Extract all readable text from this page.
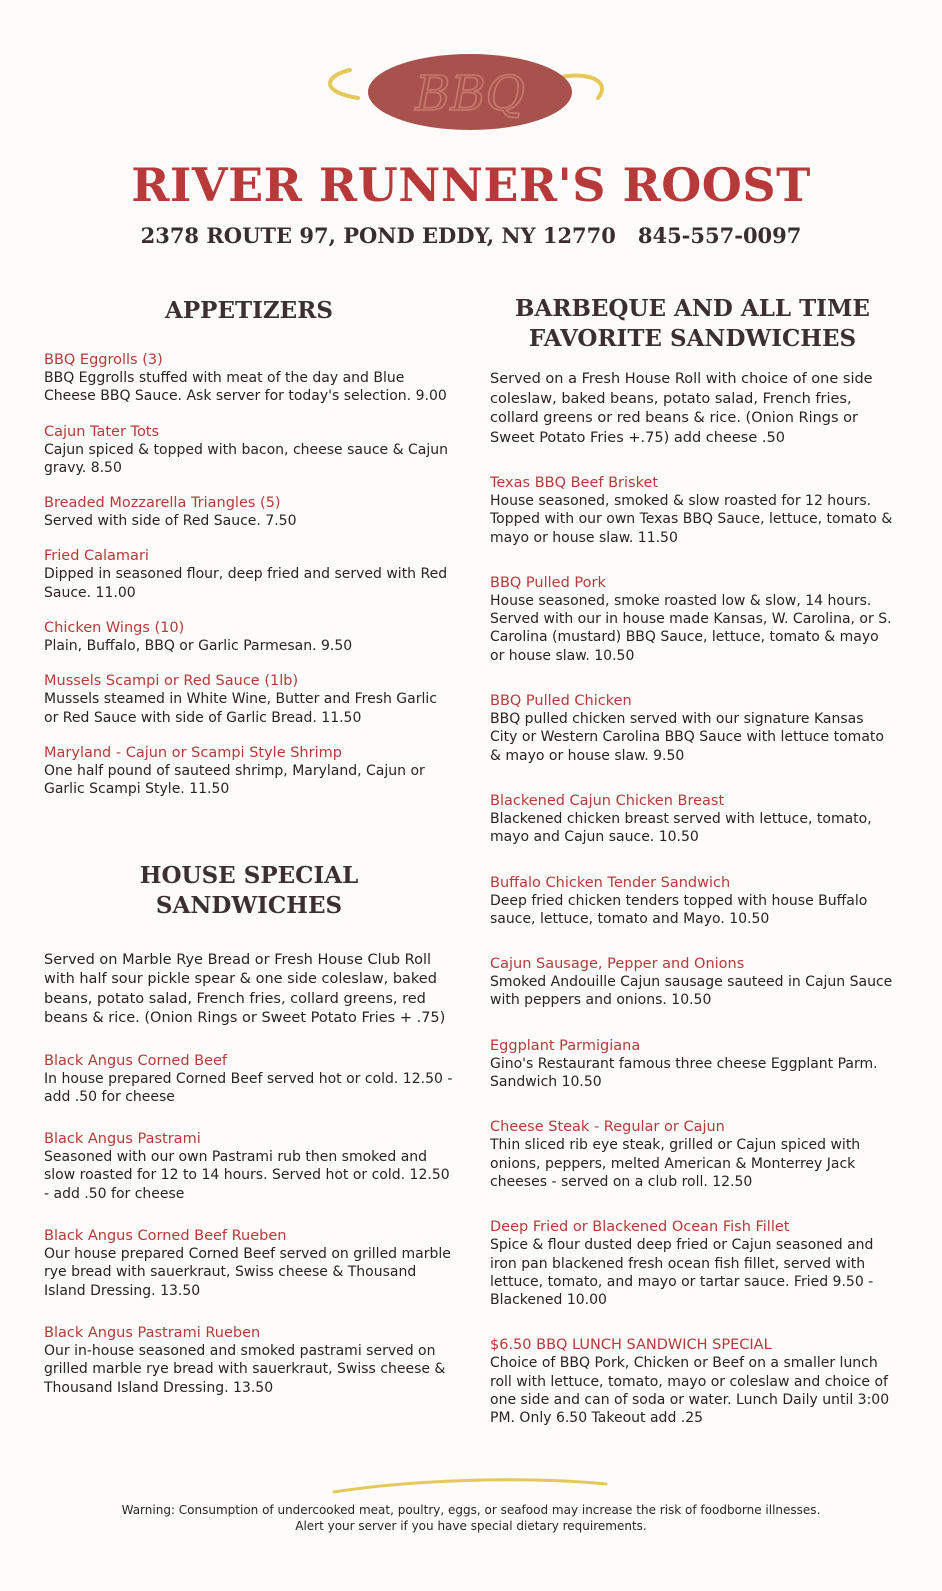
BBQ
RIVER RUNNER'S ROOST
2378 ROUTE 97, POND EDDY, NY 12770 845-557-0097
APPETIZERS
BBQ Eggrolls (3)
BBQ Eggrolls stuffed with meat of the day and Blue Cheese BBQ Sauce. Ask server for today's selection. 9.00
Cajun Tater Tots
Cajun spiced & topped with bacon, cheese sauce & Cajun gravy. 8.50
Breaded Mozzarella Triangles (5)
Served with side of Red Sauce. 7.50
Fried Calamari
Dipped in seasoned flour, deep fried and served with Red Sauce. 11.00
Chicken Wings (10)
Plain, Buffalo, BBQ or Garlic Parmesan. 9.50
Mussels Scampi or Red Sauce (1lb)
Mussels steamed in White Wine, Butter and Fresh Garlic or Red Sauce with side of Garlic Bread. 11.50
Maryland - Cajun or Scampi Style Shrimp
One half pound of sauteed shrimp, Maryland, Cajun or Garlic Scampi Style. 11.50
HOUSE SPECIAL
SANDWICHES
Served on Marble Rye Bread or Fresh House Club Roll with half sour pickle spear & one side coleslaw, baked beans, potato salad, French fries, collard greens, red beans & rice. (Onion Rings or Sweet Potato Fries + .75)
Black Angus Corned Beef
In house prepared Corned Beef served hot or cold. 12.50 - add .50 for cheese
Black Angus Pastrami
Seasoned with our own Pastrami rub then smoked and slow roasted for 12 to 14 hours. Served hot or cold. 12.50 - add .50 for cheese
Black Angus Corned Beef Rueben
Our house prepared Corned Beef served on grilled marble rye bread with sauerkraut, Swiss cheese & Thousand Island Dressing. 13.50
Black Angus Pastrami Rueben
Our in-house seasoned and smoked pastrami served on grilled marble rye bread with sauerkraut, Swiss cheese & Thousand Island Dressing. 13.50
BARBEQUE AND ALL TIME
FAVORITE SANDWICHES
Served on a Fresh House Roll with choice of one side coleslaw, baked beans, potato salad, French fries, collard greens or red beans & rice. (Onion Rings or Sweet Potato Fries +.75) add cheese .50
Texas BBQ Beef Brisket
House seasoned, smoked & slow roasted for 12 hours. Topped with our own Texas BBQ Sauce, lettuce, tomato & mayo or house slaw. 11.50
BBQ Pulled Pork
House seasoned, smoke roasted low & slow, 14 hours. Served with our in house made Kansas, W. Carolina, or S. Carolina (mustard) BBQ Sauce, lettuce, tomato & mayo or house slaw. 10.50
BBQ Pulled Chicken
BBQ pulled chicken served with our signature Kansas City or Western Carolina BBQ Sauce with lettuce tomato & mayo or house slaw. 9.50
Blackened Cajun Chicken Breast
Blackened chicken breast served with lettuce, tomato, mayo and Cajun sauce. 10.50
Buffalo Chicken Tender Sandwich
Deep fried chicken tenders topped with house Buffalo sauce, lettuce, tomato and Mayo. 10.50
Cajun Sausage, Pepper and Onions
Smoked Andouille Cajun sausage sauteed in Cajun Sauce with peppers and onions. 10.50
Eggplant Parmigiana
Gino's Restaurant famous three cheese Eggplant Parm. Sandwich 10.50
Cheese Steak - Regular or Cajun
Thin sliced rib eye steak, grilled or Cajun spiced with onions, peppers, melted American & Monterrey Jack cheeses - served on a club roll. 12.50
Deep Fried or Blackened Ocean Fish Fillet
Spice & flour dusted deep fried or Cajun seasoned and iron pan blackened fresh ocean fish fillet, served with lettuce, tomato, and mayo or tartar sauce. Fried 9.50 - Blackened 10.00
$6.50 BBQ LUNCH SANDWICH SPECIAL
Choice of BBQ Pork, Chicken or Beef on a smaller lunch roll with lettuce, tomato, mayo or coleslaw and choice of one side and can of soda or water. Lunch Daily until 3:00 PM. Only 6.50 Takeout add .25
Warning: Consumption of undercooked meat, poultry, eggs, or seafood may increase the risk of foodborne illnesses.
Alert your server if you have special dietary requirements.
